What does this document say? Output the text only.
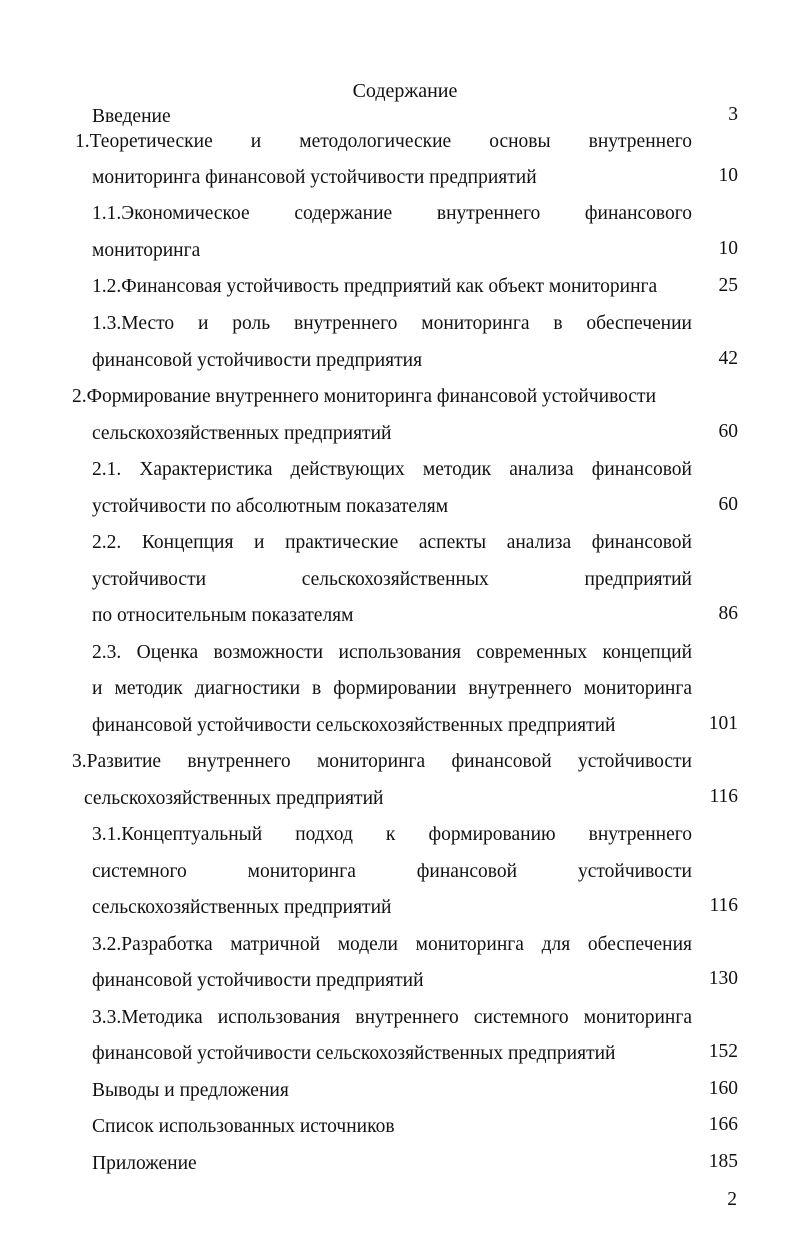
Содержание
Введение	3
1.Теоретические и методологические основы внутреннего
мониторинга финансовой устойчивости предприятий	10
1.1.Экономическое содержание внутреннего финансового
мониторинга	10
1.2.Финансовая устойчивость предприятий как объект мониторинга	25
1.3.Место и роль внутреннего мониторинга в обеспечении
финансовой устойчивости предприятия	42
2.Формирование внутреннего мониторинга финансовой устойчивости
сельскохозяйственных предприятий	60
2.1. Характеристика действующих методик анализа финансовой
устойчивости по абсолютным показателям	60
2.2. Концепция и практические аспекты анализа финансовой
устойчивости сельскохозяйственных предприятий
по относительным показателям	86
2.3. Оценка возможности использования современных концепций
и методик диагностики в формировании внутреннего мониторинга
финансовой устойчивости сельскохозяйственных предприятий	101
3.Развитие внутреннего мониторинга финансовой устойчивости
сельскохозяйственных предприятий	116
3.1.Концептуальный подход к формированию внутреннего
системного мониторинга финансовой устойчивости
сельскохозяйственных предприятий	116
3.2.Разработка матричной модели мониторинга для обеспечения
финансовой устойчивости предприятий	130
3.3.Методика использования внутреннего системного мониторинга
финансовой устойчивости сельскохозяйственных предприятий	152
Выводы и предложения	160
Список использованных источников	166
Приложение	185
2
